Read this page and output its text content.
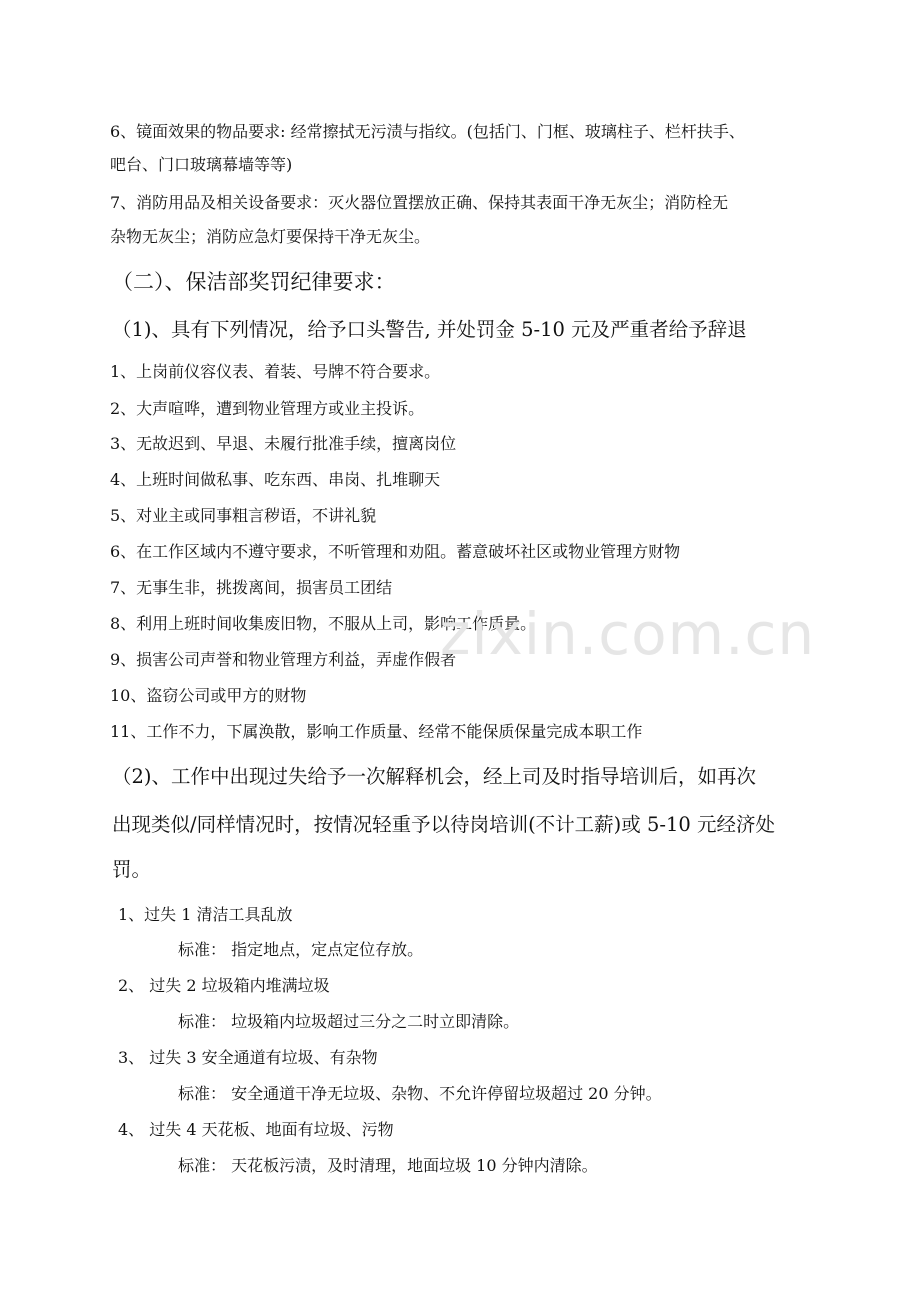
6、镜面效果的物品要求: 经常擦拭无污渍与指纹。(包括门、门框、玻璃柱子、栏杆扶手、
吧台、门口玻璃幕墙等等)
7、消防用品及相关设备要求：灭火器位置摆放正确、保持其表面干净无灰尘；消防栓无
杂物无灰尘；消防应急灯要保持干净无灰尘。
（二）、保洁部奖罚纪律要求：
（1)、具有下列情况，给予口头警告, 并处罚金 5-10 元及严重者给予辞退
1、上岗前仪容仪表、着装、号牌不符合要求。
2、大声喧哗，遭到物业管理方或业主投诉。
3、无故迟到、早退、未履行批准手续，擅离岗位
4、上班时间做私事、吃东西、串岗、扎堆聊天
5、对业主或同事粗言秽语，不讲礼貌
6、在工作区域内不遵守要求，不听管理和劝阻。蓄意破坏社区或物业管理方财物
7、无事生非，挑拨离间，损害员工团结
8、利用上班时间收集废旧物，不服从上司，影响工作质量。
9、损害公司声誉和物业管理方利益，弄虚作假者
10、盗窃公司或甲方的财物
11、工作不力，下属涣散，影响工作质量、经常不能保质保量完成本职工作
（2)、工作中出现过失给予一次解释机会，经上司及时指导培训后，如再次
出现类似/同样情况时，按情况轻重予以待岗培训(不计工薪)或 5-10 元经济处
罚。
1、过失 1 清洁工具乱放
标准： 指定地点，定点定位存放。
2、 过失 2 垃圾箱内堆满垃圾
标准： 垃圾箱内垃圾超过三分之二时立即清除。
3、 过失 3 安全通道有垃圾、有杂物
标准： 安全通道干净无垃圾、杂物、不允许停留垃圾超过 20 分钟。
4、 过失 4 天花板、地面有垃圾、污物
标准： 天花板污渍，及时清理，地面垃圾 10 分钟内清除。
zixin.com.cn
